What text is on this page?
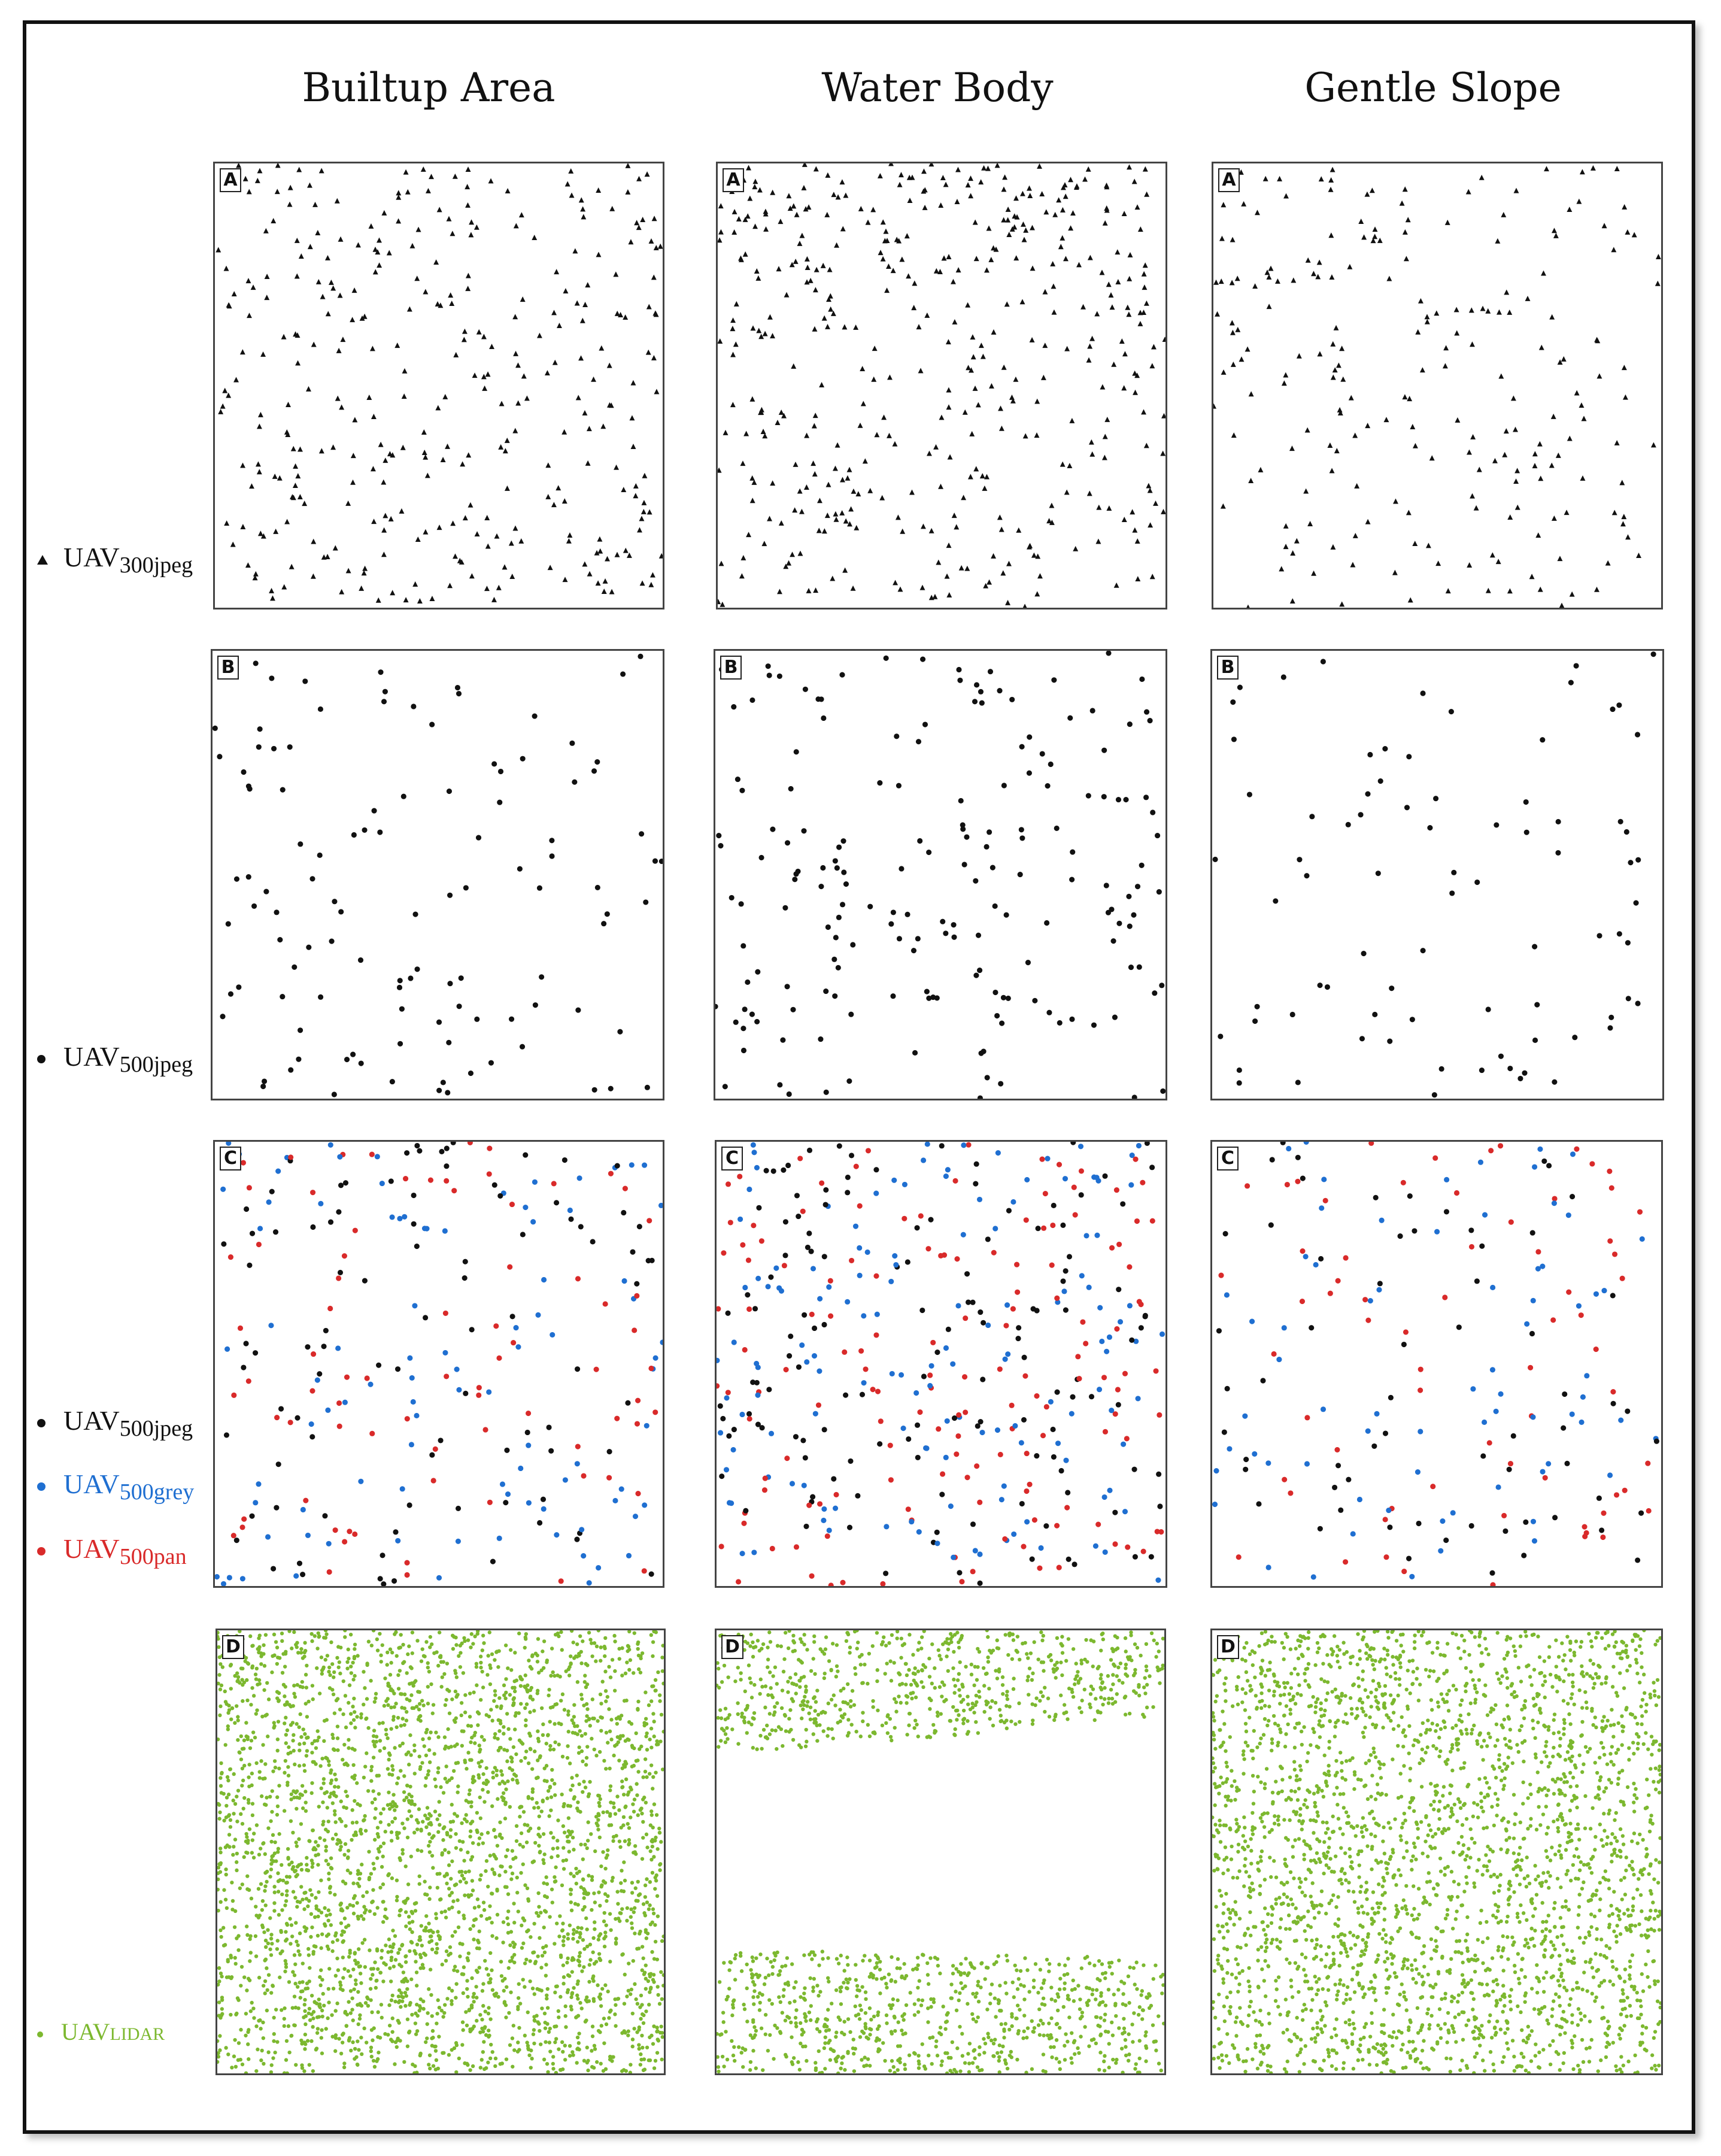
Builtup Area	Water Body	Gentle Slope
A	A	A
B	B	B
C	C	C
D	D	D
$UAV_{300jpeg}$
$UAV_{500jpeg}$
$UAV_{500jpeg}$
$UAV_{500grey}$
$UAV_{500pan}$
UAVLIDAR
